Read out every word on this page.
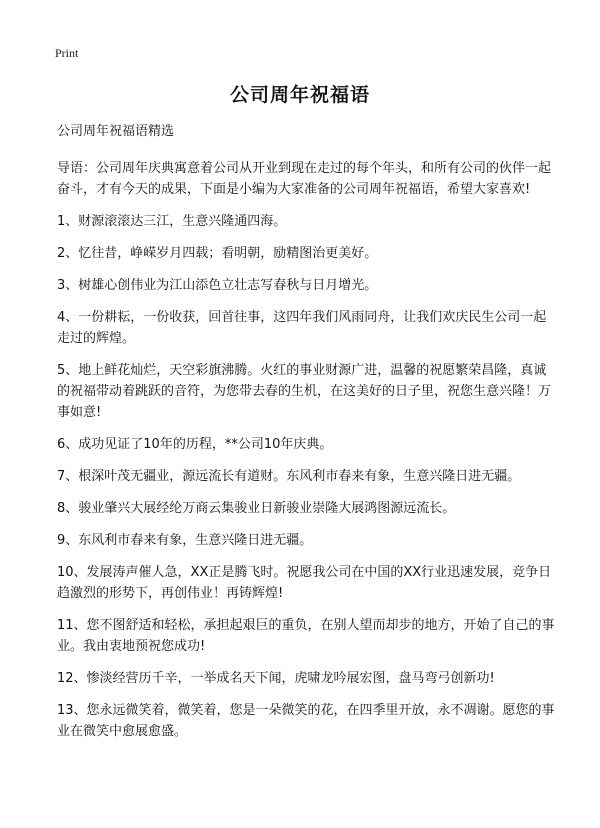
Print
公司周年祝福语

公司周年祝福语精选

导语：公司周年庆典寓意着公司从开业到现在走过的每个年头，和所有公司的伙伴一起奋斗，才有今天的成果，下面是小编为大家准备的公司周年祝福语，希望大家喜欢!

1、财源滚滚达三江，生意兴隆通四海。

2、忆往昔，峥嵘岁月四载；看明朝，励精图治更美好。

3、树雄心创伟业为江山添色立壮志写春秋与日月增光。

4、一份耕耘，一份收获，回首往事，这四年我们风雨同舟，让我们欢庆民生公司一起走过的辉煌。

5、地上鲜花灿烂，天空彩旗沸腾。火红的事业财源广进，温馨的祝愿繁荣昌隆，真诚的祝福带动着跳跃的音符，为您带去春的生机，在这美好的日子里，祝您生意兴隆！万事如意!

6、成功见证了10年的历程，**公司10年庆典。

7、根深叶茂无疆业，源远流长有道财。东风利市春来有象，生意兴隆日进无疆。

8、骏业肇兴大展经纶万商云集骏业日新骏业崇隆大展鸿图源远流长。

9、东风利市春来有象，生意兴隆日进无疆。

10、发展涛声催人急，XX正是腾飞时。祝愿我公司在中国的XX行业迅速发展，竞争日趋激烈的形势下，再创伟业！再铸辉煌!

11、您不图舒适和轻松，承担起艰巨的重负，在别人望而却步的地方，开始了自己的事业。我由衷地预祝您成功!

12、惨淡经营历千辛，一举成名天下闻，虎啸龙吟展宏图，盘马弯弓创新功!

13、您永远微笑着，微笑着，您是一朵微笑的花，在四季里开放，永不凋谢。愿您的事业在微笑中愈展愈盛。
